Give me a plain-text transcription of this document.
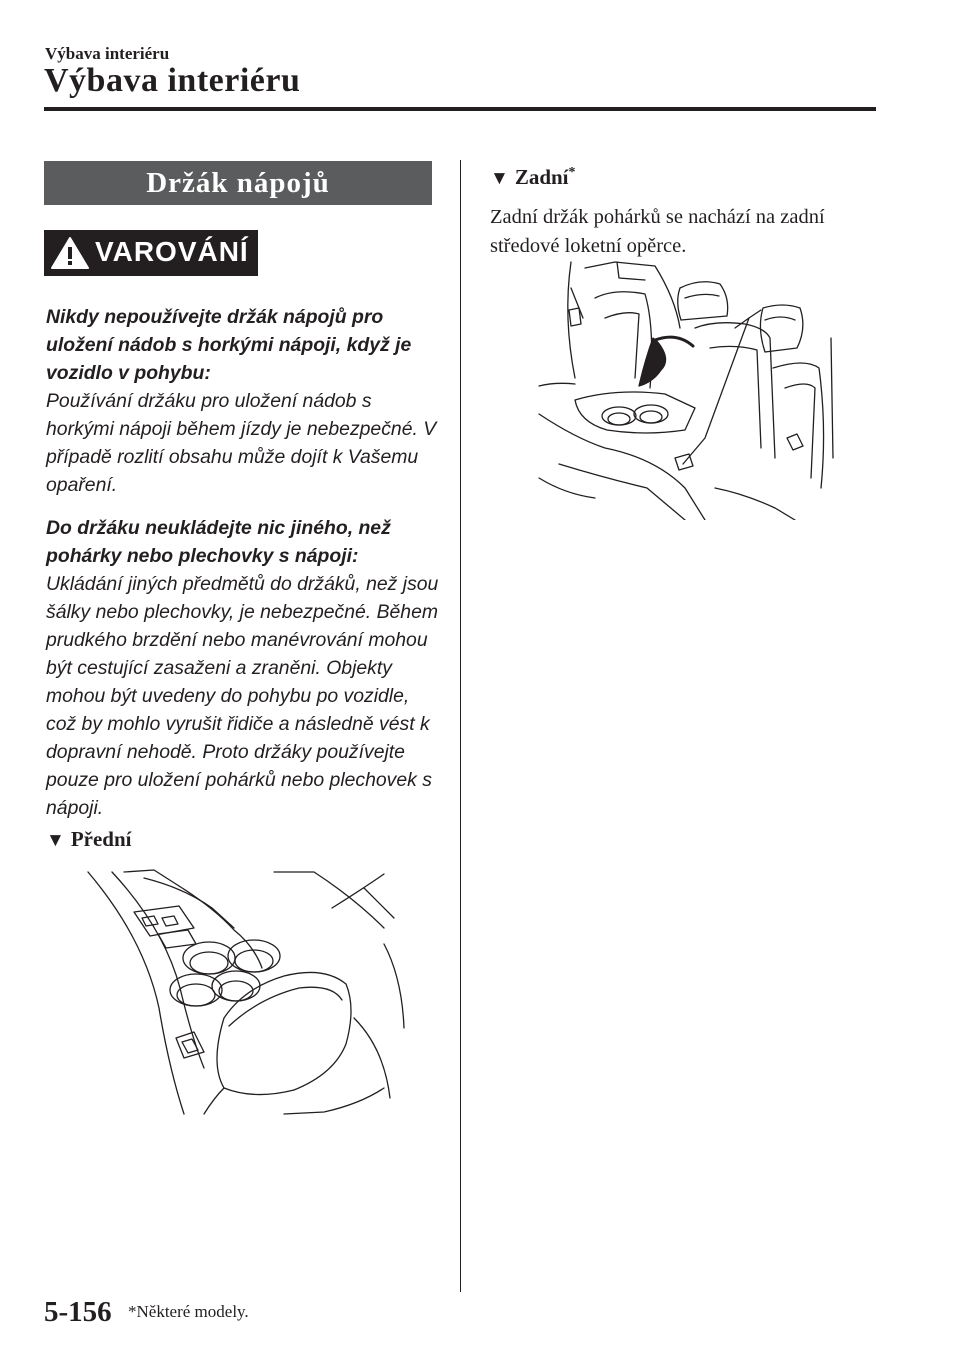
Výbava interiéru
Výbava interiéru
Držák nápojů
VAROVÁNÍ
Nikdy nepoužívejte držák nápojů pro uložení nádob s horkými nápoji, když je vozidlo v pohybu:
Používání držáku pro uložení nádob s horkými nápoji během jízdy je nebezpečné. V případě rozlití obsahu může dojít k Vašemu opaření.
Do držáku neukládejte nic jiného, než pohárky nebo plechovky s nápoji:
Ukládání jiných předmětů do držáků, než jsou šálky nebo plechovky, je nebezpečné. Během prudkého brzdění nebo manévrování mohou být cestující zasaženi a zraněni. Objekty mohou být uvedeny do pohybu po vozidle, což by mohlo vyrušit řidiče a následně vést k dopravní nehodě. Proto držáky používejte pouze pro uložení pohárků nebo plechovek s nápoji.
▼ Přední
▼ Zadní*
Zadní držák pohárků se nachází na zadní středové loketní opěrce.
5-156 *Některé modely.
